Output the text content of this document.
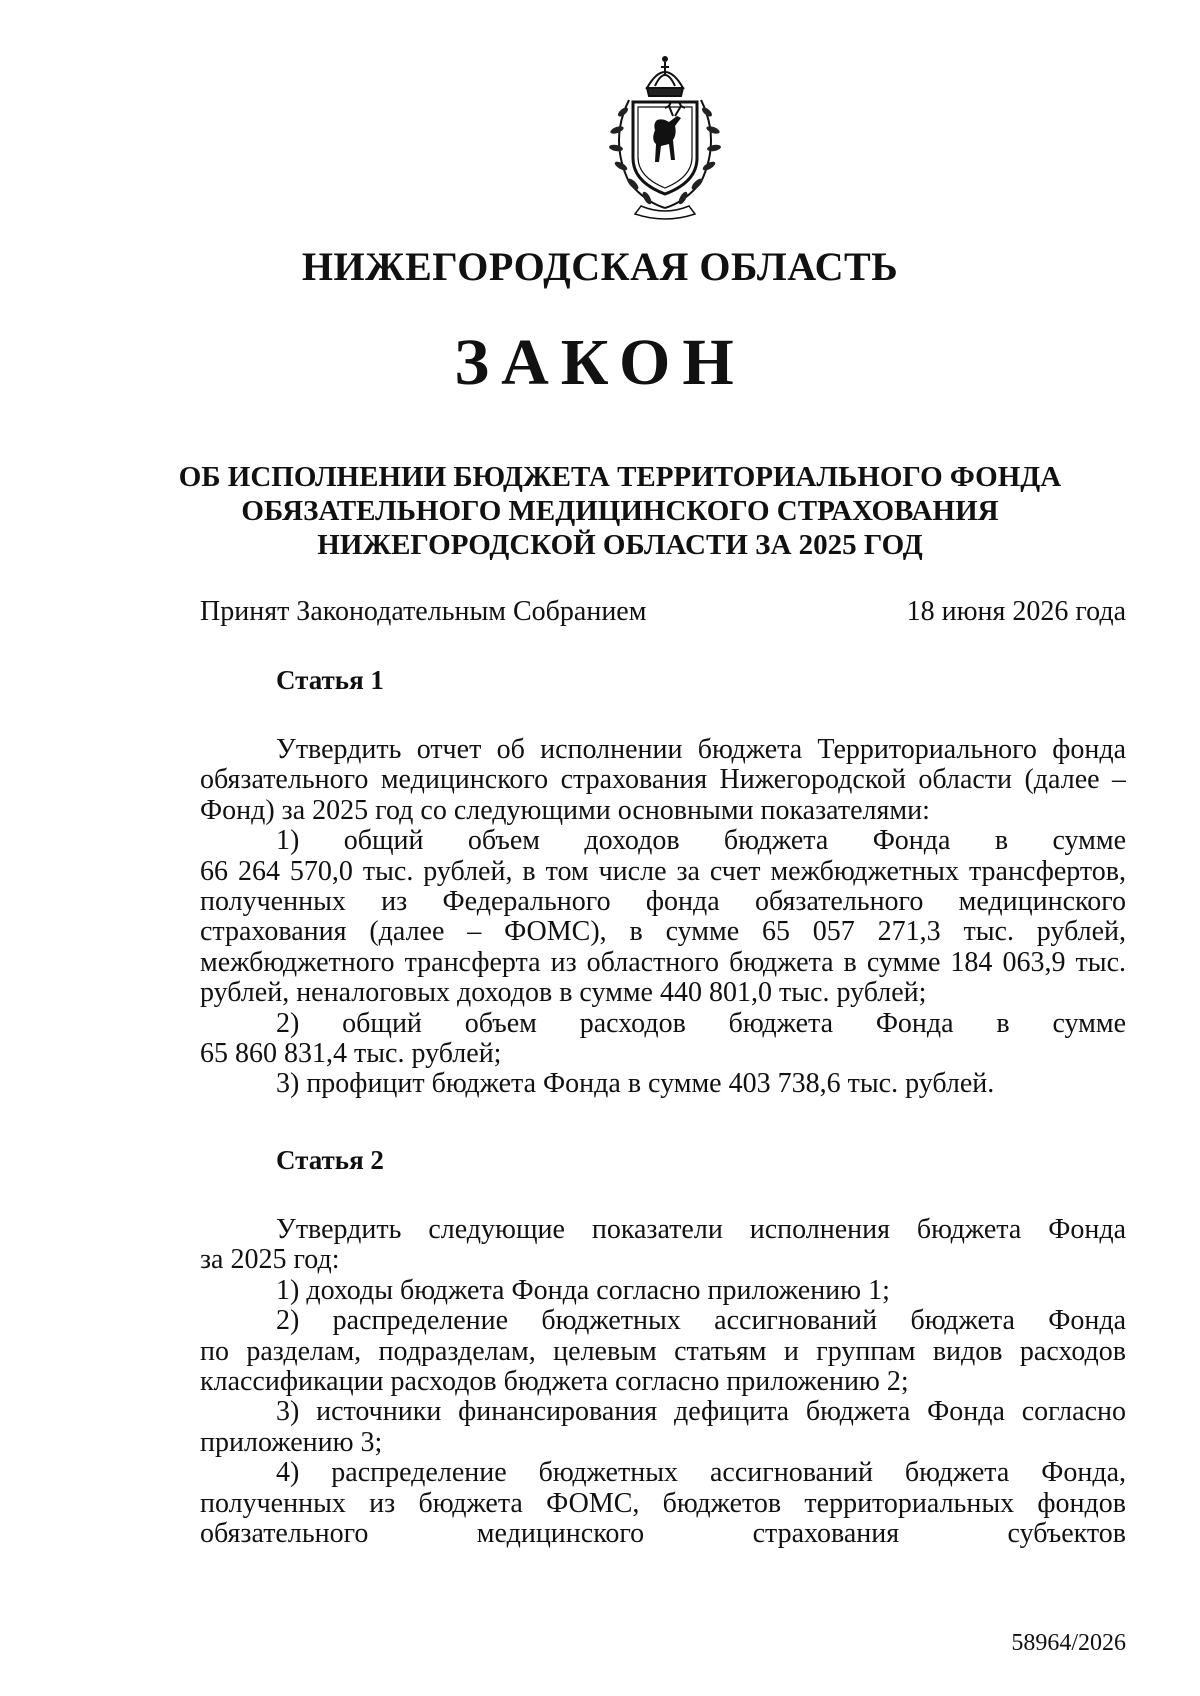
НИЖЕГОРОДСКАЯ ОБЛАСТЬ
ЗАКОН
ОБ ИСПОЛНЕНИИ БЮДЖЕТА ТЕРРИТОРИАЛЬНОГО ФОНДА
ОБЯЗАТЕЛЬНОГО МЕДИЦИНСКОГО СТРАХОВАНИЯ
НИЖЕГОРОДСКОЙ ОБЛАСТИ ЗА 2025 ГОД
Принят Законодательным Собранием	18 июня 2026 года
Статья 1
Утвердить отчет об исполнении бюджета Территориального фонда
обязательного медицинского страхования Нижегородской области (далее –
Фонд) за 2025 год со следующими основными показателями:
1) общий объем доходов бюджета Фонда в сумме
66 264 570,0 тыс. рублей, в том числе за счет межбюджетных трансфертов,
полученных из Федерального фонда обязательного медицинского
страхования (далее – ФОМС), в сумме 65 057 271,3 тыс. рублей,
межбюджетного трансферта из областного бюджета в сумме 184 063,9 тыс.
рублей, неналоговых доходов в сумме 440 801,0 тыс. рублей;
2) общий объем расходов бюджета Фонда в сумме
65 860 831,4 тыс. рублей;
3) профицит бюджета Фонда в сумме 403 738,6 тыс. рублей.
Статья 2
Утвердить следующие показатели исполнения бюджета Фонда
за 2025 год:
1) доходы бюджета Фонда согласно приложению 1;
2) распределение бюджетных ассигнований бюджета Фонда
по разделам, подразделам, целевым статьям и группам видов расходов
классификации расходов бюджета согласно приложению 2;
3) источники финансирования дефицита бюджета Фонда согласно
приложению 3;
4) распределение бюджетных ассигнований бюджета Фонда,
полученных из бюджета ФОМС, бюджетов территориальных фондов
обязательного медицинского страхования субъектов
58964/2026
